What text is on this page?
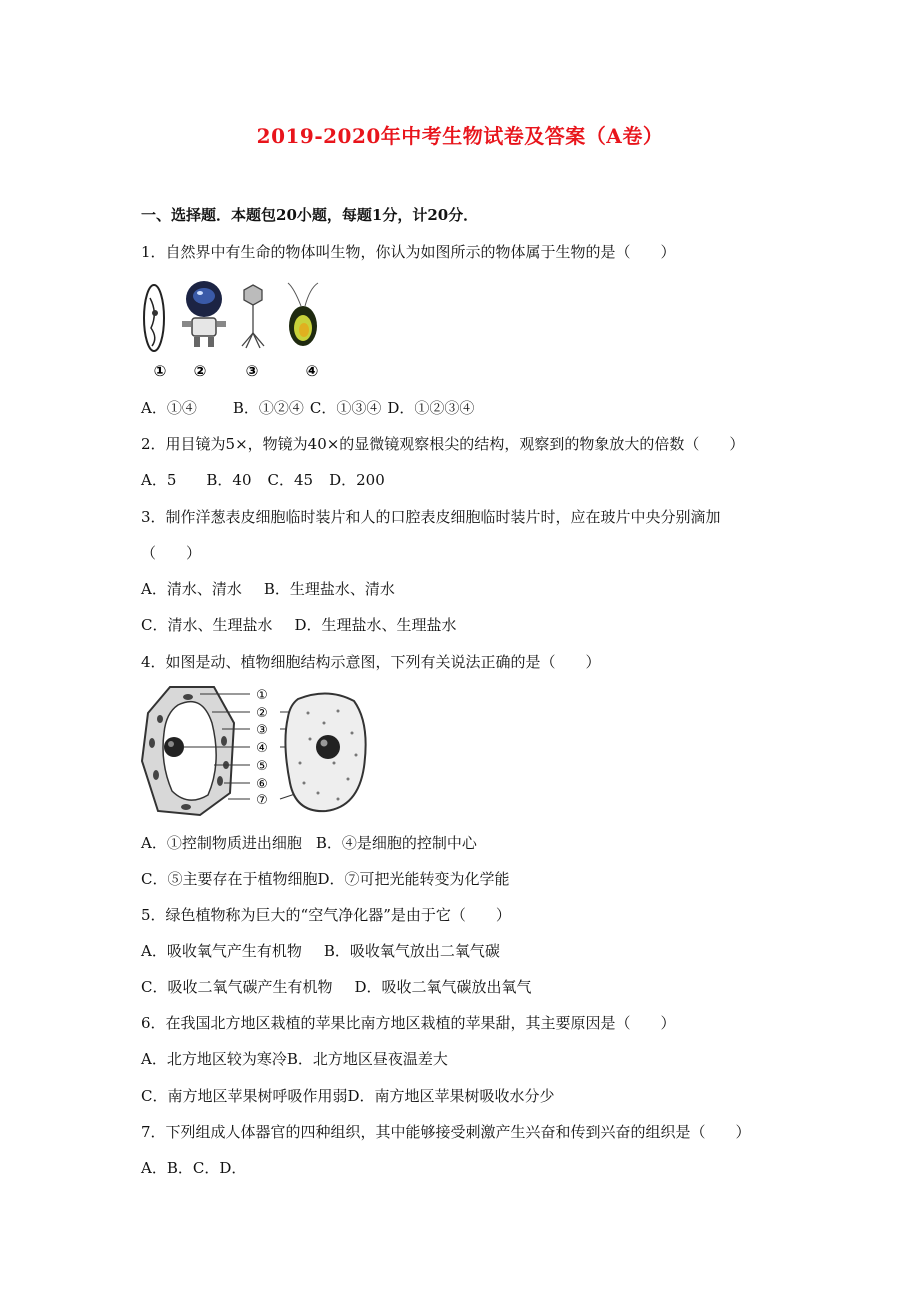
2019-2020年中考生物试卷及答案（A卷）
一、选择题．本题包20小题，每题1分，计20分．
1．自然界中有生命的物体叫生物，你认为如图所示的物体属于生物的是（　　）
① ②	③	④
A．①④ B．①②④ C．①③④ D．①②③④
2．用目镜为5×，物镜为40×的显微镜观察根尖的结构，观察到的物象放大的倍数（　　）
A．5 B．40 C．45 D．200
3．制作洋葱表皮细胞临时装片和人的口腔表皮细胞临时装片时，应在玻片中央分别滴加
（　　）
A．清水、清水 B．生理盐水、清水
C．清水、生理盐水 D．生理盐水、生理盐水
4．如图是动、植物细胞结构示意图，下列有关说法正确的是（　　）
①
②
③
④
⑤
⑥
⑦
A．①控制物质进出细胞 B．④是细胞的控制中心
C．⑤主要存在于植物细胞D．⑦可把光能转变为化学能
5．绿色植物称为巨大的“空气净化器”是由于它（　　）
A．吸收氧气产生有机物 B．吸收氧气放出二氧气碳
C．吸收二氧气碳产生有机物 D．吸收二氧气碳放出氧气
6．在我国北方地区栽植的苹果比南方地区栽植的苹果甜，其主要原因是（　　）
A．北方地区较为寒冷B．北方地区昼夜温差大
C．南方地区苹果树呼吸作用弱D．南方地区苹果树吸收水分少
7．下列组成人体器官的四种组织，其中能够接受刺激产生兴奋和传到兴奋的组织是（　　）
A．B．C．D．
